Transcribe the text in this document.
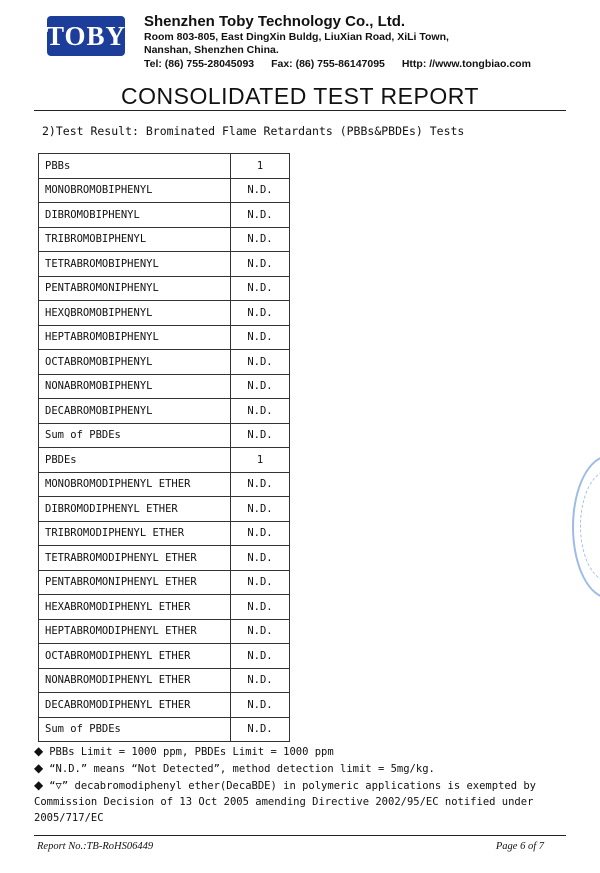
TOBY Shenzhen Toby Technology Co., Ltd.
Room 803-805, East DingXin Buldg, LiuXian Road, XiLi Town,
Nanshan, Shenzhen China.
Tel: (86) 755-28045093 Fax: (86) 755-86147095 Http: //www.tongbiao.com
CONSOLIDATED TEST REPORT
2)Test Result: Brominated Flame Retardants (PBBs&PBDEs) Tests
PBBs	1
MONOBROMOBIPHENYL	N.D.
DIBROMOBIPHENYL	N.D.
TRIBROMOBIPHENYL	N.D.
TETRABROMOBIPHENYL	N.D.
PENTABROMONIPHENYL	N.D.
HEXQBROMOBIPHENYL	N.D.
HEPTABROMOBIPHENYL	N.D.
OCTABROMOBIPHENYL	N.D.
NONABROMOBIPHENYL	N.D.
DECABROMOBIPHENYL	N.D.
Sum of PBDEs	N.D.
PBDEs	1
MONOBROMODIPHENYL ETHER	N.D.
DIBROMODIPHENYL ETHER	N.D.
TRIBROMODIPHENYL ETHER	N.D.
TETRABROMODIPHENYL ETHER	N.D.
PENTABROMONIPHENYL ETHER	N.D.
HEXABROMODIPHENYL ETHER	N.D.
HEPTABROMODIPHENYL ETHER	N.D.
OCTABROMODIPHENYL ETHER	N.D.
NONABROMODIPHENYL ETHER	N.D.
DECABROMODIPHENYL ETHER	N.D.
Sum of PBDEs	N.D.
◆ PBBs Limit = 1000 ppm, PBDEs Limit = 1000 ppm
◆ “N.D.” means “Not Detected”, method detection limit = 5mg/kg.
◆ “▽” decabromodiphenyl ether(DecaBDE) in polymeric applications is exempted by
Commission Decision of 13 Oct 2005 amending Directive 2002/95/EC notified under
2005/717/EC
Report No.:TB-RoHS06449	Page 6 of 7
